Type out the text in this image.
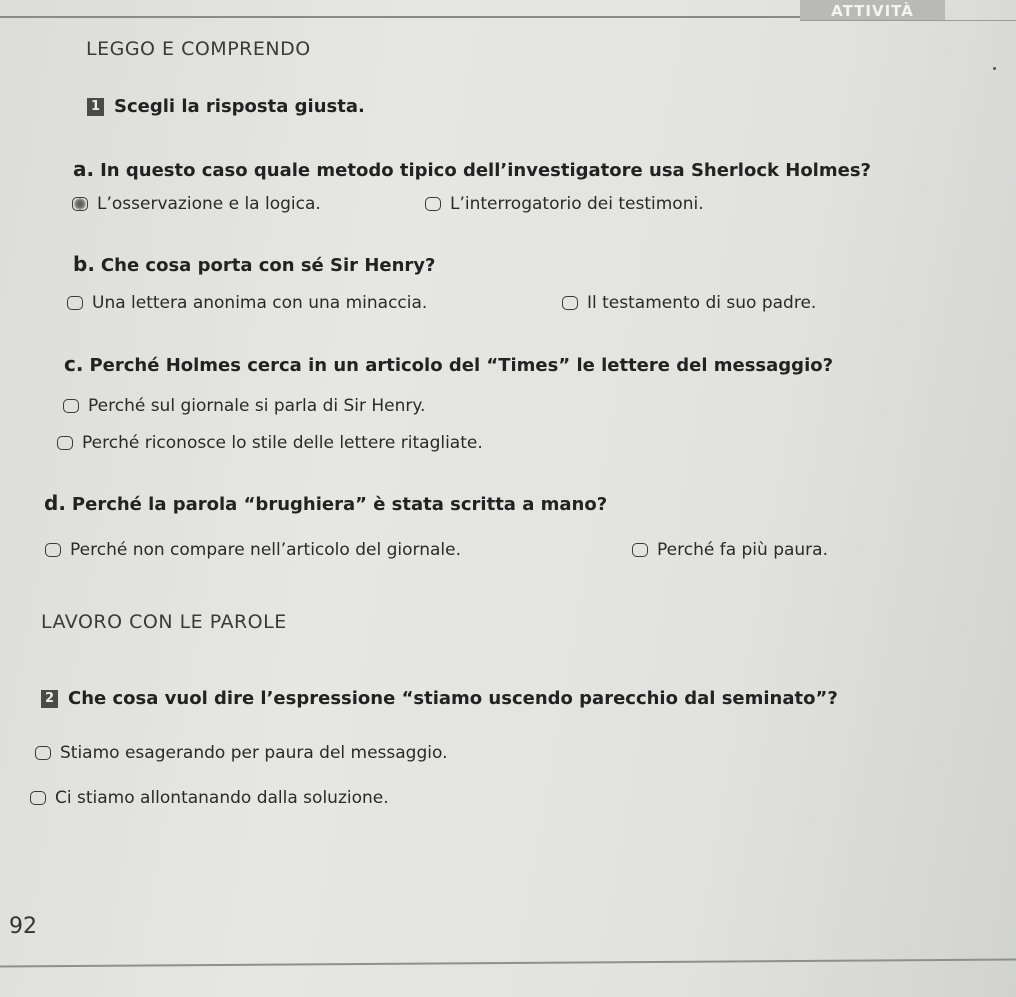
ATTIVITÀ
LEGGO E COMPRENDO
1 Scegli la risposta giusta.
a. In questo caso quale metodo tipico dell’investigatore usa Sherlock Holmes?
L’osservazione e la logica.	L’interrogatorio dei testimoni.
b. Che cosa porta con sé Sir Henry?
Una lettera anonima con una minaccia.	Il testamento di suo padre.
c. Perché Holmes cerca in un articolo del “Times” le lettere del messaggio?
Perché sul giornale si parla di Sir Henry.
Perché riconosce lo stile delle lettere ritagliate.
d. Perché la parola “brughiera” è stata scritta a mano?
Perché non compare nell’articolo del giornale.	Perché fa più paura.
LAVORO CON LE PAROLE
2 Che cosa vuol dire l’espressione “stiamo uscendo parecchio dal seminato”?
Stiamo esagerando per paura del messaggio.
Ci stiamo allontanando dalla soluzione.
92
